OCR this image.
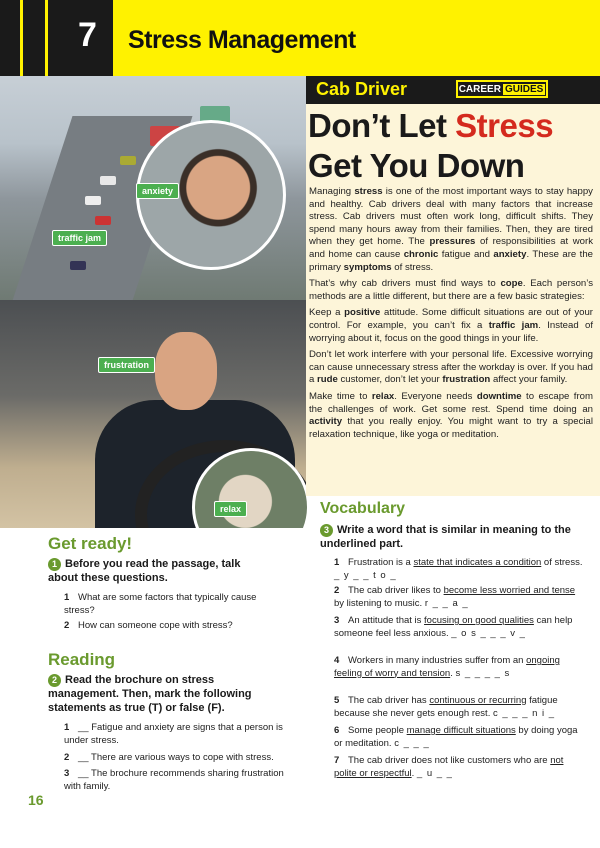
7 Stress Management
anxiety
traffic jam
frustration
relax
Cab Driver	CAREER GUIDES
Don’t Let Stress
Get You Down

Managing stress is one of the most important ways to stay happy and healthy. Cab drivers deal with many factors that increase stress. Cab drivers must often work long, difficult shifts. They spend many hours away from their families. Then, they are tired when they get home. The pressures of responsibilities at work and home can cause chronic fatigue and anxiety. These are the primary symptoms of stress.

That’s why cab drivers must find ways to cope. Each person’s methods are a little different, but there are a few basic strategies:

Keep a positive attitude. Some difficult situations are out of your control. For example, you can’t fix a traffic jam. Instead of worrying about it, focus on the good things in your life.

Don’t let work interfere with your personal life. Excessive worrying can cause unnecessary stress after the workday is over. If you had a rude customer, don’t let your frustration affect your family.

Make time to relax. Everyone needs downtime to escape from the challenges of work. Get some rest. Spend time doing an activity that you really enjoy. You might want to try a special relaxation technique, like yoga or meditation.

Get ready!
1 Before you read the passage, talk about these questions.
Reading
2 Read the brochure on stress management. Then, mark the following statements as true (T) or false (F).
16
Vocabulary
3 Write a word that is similar in meaning to the underlined part.
1 What are some factors that typically cause stress?
2 How can someone cope with stress?
1 __ Fatigue and anxiety are signs that a person is under stress.
2 __ There are various ways to cope with stress.
3 __ The brochure recommends sharing frustration with family.
1 Frustration is a state that indicates a condition of stress. _ y _ _ t o _
2 The cab driver likes to become less worried and tense by listening to music. r _ _ a _
3 An attitude that is focusing on good qualities can help someone feel less anxious. _ o s _ _ _ v _
4 Workers in many industries suffer from an ongoing feeling of worry and tension. s _ _ _ _ s
5 The cab driver has continuous or recurring fatigue because she never gets enough rest. c _ _ _ n i _
6 Some people manage difficult situations by doing yoga or meditation. c _ _ _
7 The cab driver does not like customers who are not polite or respectful. _ u _ _
